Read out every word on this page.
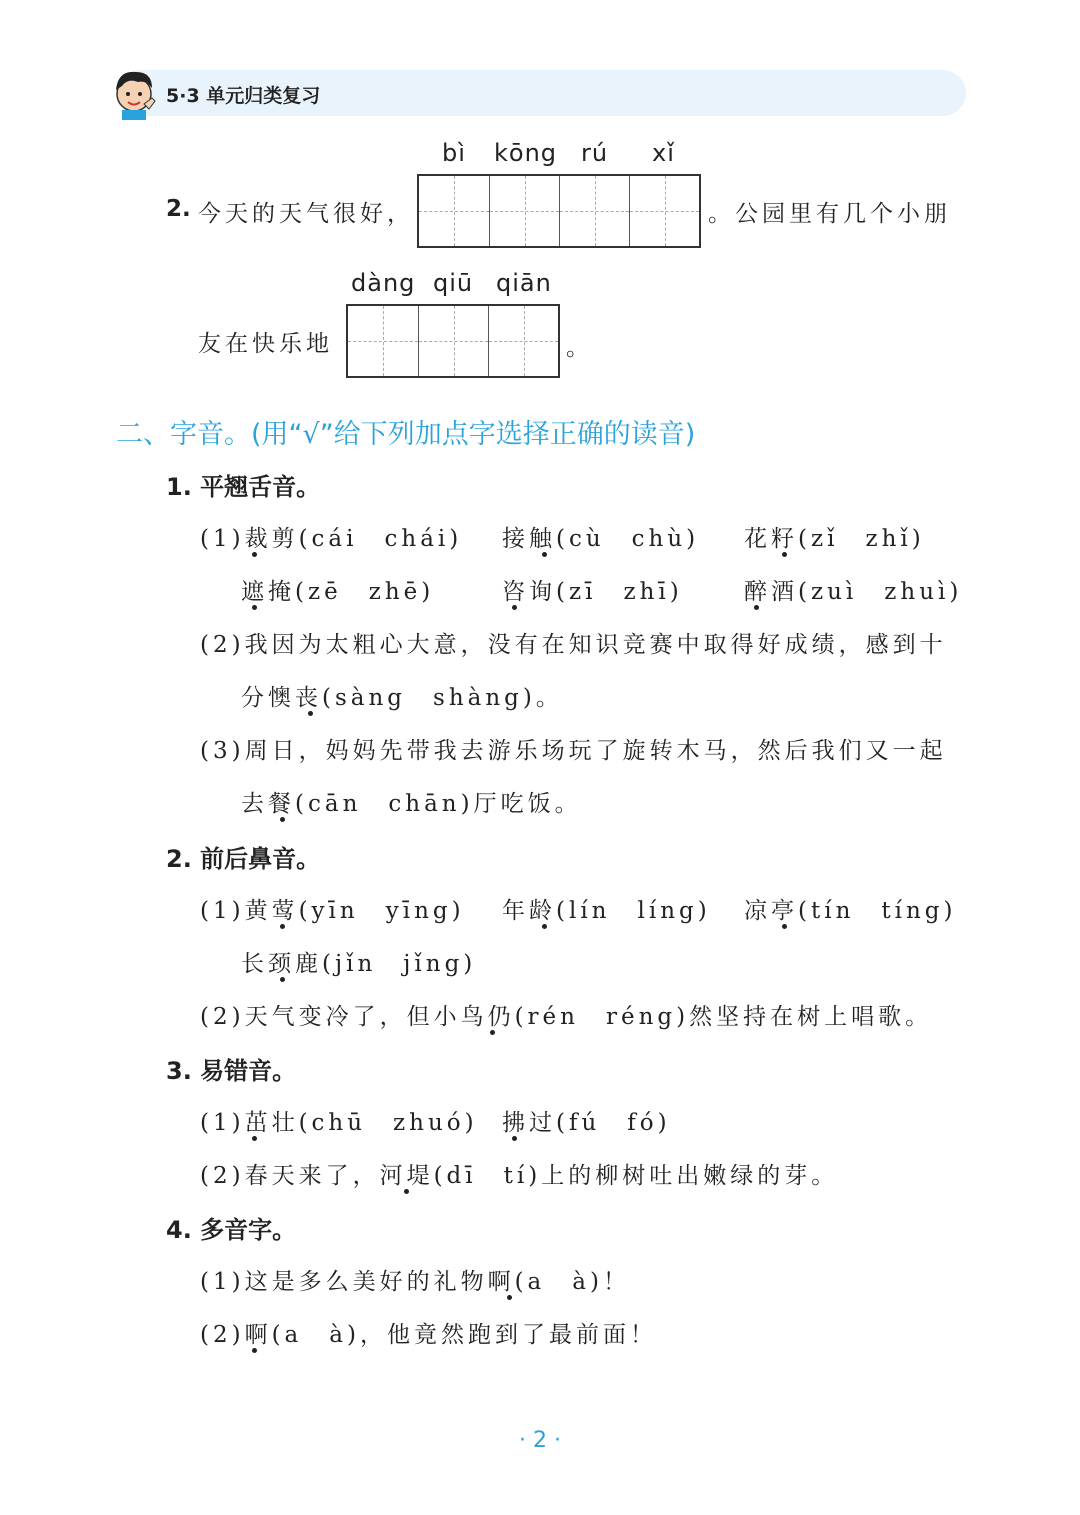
5·3 单元归类复习
bì kōng rú xǐ
2. 今天的天气很好，	。公园里有几个小朋
dàng qiū qiān
友在快乐地	。
二、字音。(用“√”给下列加点字选择正确的读音)
1. 平翘舌音。
(1)裁剪(cái　chái) 接触(cù　chù) 花籽(zǐ　zhǐ)
遮掩(zē　zhē)	咨询(zī　zhī)	醉酒(zuì　zhuì)
(2)我因为太粗心大意，没有在知识竞赛中取得好成绩，感到十
分懊丧(sàng　shàng)。
(3)周日，妈妈先带我去游乐场玩了旋转木马，然后我们又一起
去餐(cān　chān)厅吃饭。
2. 前后鼻音。
(1)黄莺(yīn　yīng) 年龄(lín　líng) 凉亭(tín　tíng)
长颈鹿(jǐn　jǐng)
(2)天气变冷了，但小鸟仍(rén　réng)然坚持在树上唱歌。
3. 易错音。
(1)茁壮(chū　zhuó) 拂过(fú　fó)
(2)春天来了，河堤(dī　tí)上的柳树吐出嫩绿的芽。
4. 多音字。
(1)这是多么美好的礼物啊(a　à)！
(2)啊(a　à)，他竟然跑到了最前面！
· 2 ·
